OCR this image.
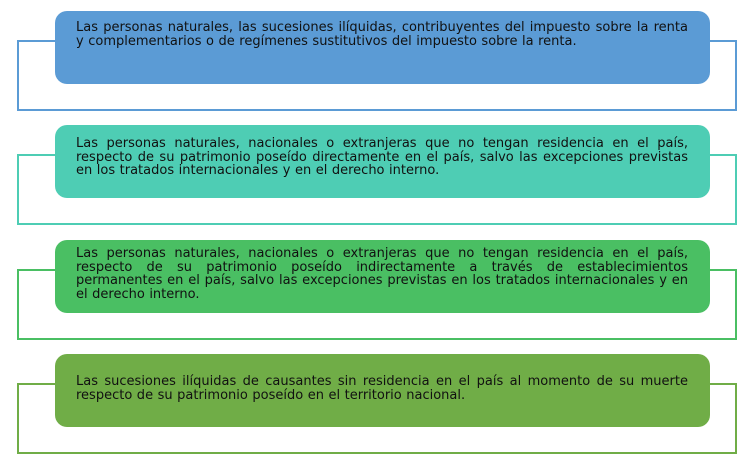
Las personas naturales, las sucesiones ilíquidas, contribuyentes del impuesto sobre la renta y complementarios o de regímenes sustitutivos del impuesto sobre la renta.
Las personas naturales, nacionales o extranjeras que no tengan residencia en el país, respecto de su patrimonio poseído directamente en el país, salvo las excepciones previstas en los tratados internacionales y en el derecho interno.
Las personas naturales, nacionales o extranjeras que no tengan residencia en el país, respecto de su patrimonio poseído indirectamente a través de establecimientos permanentes en el país, salvo las excepciones previstas en los tratados internacionales y en el derecho interno.
Las sucesiones ilíquidas de causantes sin residencia en el país al momento de su muerte respecto de su patrimonio poseído en el territorio nacional.
